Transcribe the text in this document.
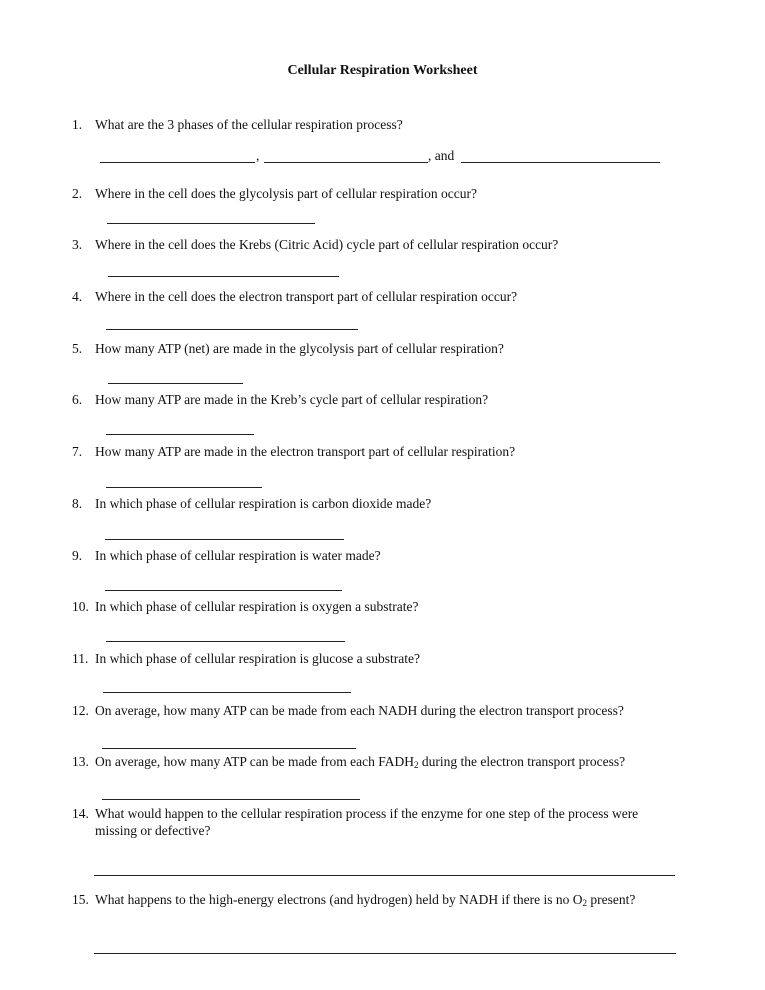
Cellular Respiration Worksheet
1. What are the 3 phases of the cellular respiration process?
,	, and
2. Where in the cell does the glycolysis part of cellular respiration occur?
3. Where in the cell does the Krebs (Citric Acid) cycle part of cellular respiration occur?
4. Where in the cell does the electron transport part of cellular respiration occur?
5. How many ATP (net) are made in the glycolysis part of cellular respiration?
6. How many ATP are made in the Kreb’s cycle part of cellular respiration?
7. How many ATP are made in the electron transport part of cellular respiration?
8. In which phase of cellular respiration is carbon dioxide made?
9. In which phase of cellular respiration is water made?
10. In which phase of cellular respiration is oxygen a substrate?
11. In which phase of cellular respiration is glucose a substrate?
12. On average, how many ATP can be made from each NADH during the electron transport process?
13. On average, how many ATP can be made from each $FADH_2$ during the electron transport process?
14. What would happen to the cellular respiration process if the enzyme for one step of the process were missing or defective?
15. What happens to the high-energy electrons (and hydrogen) held by NADH if there is no $O_2$ present?
